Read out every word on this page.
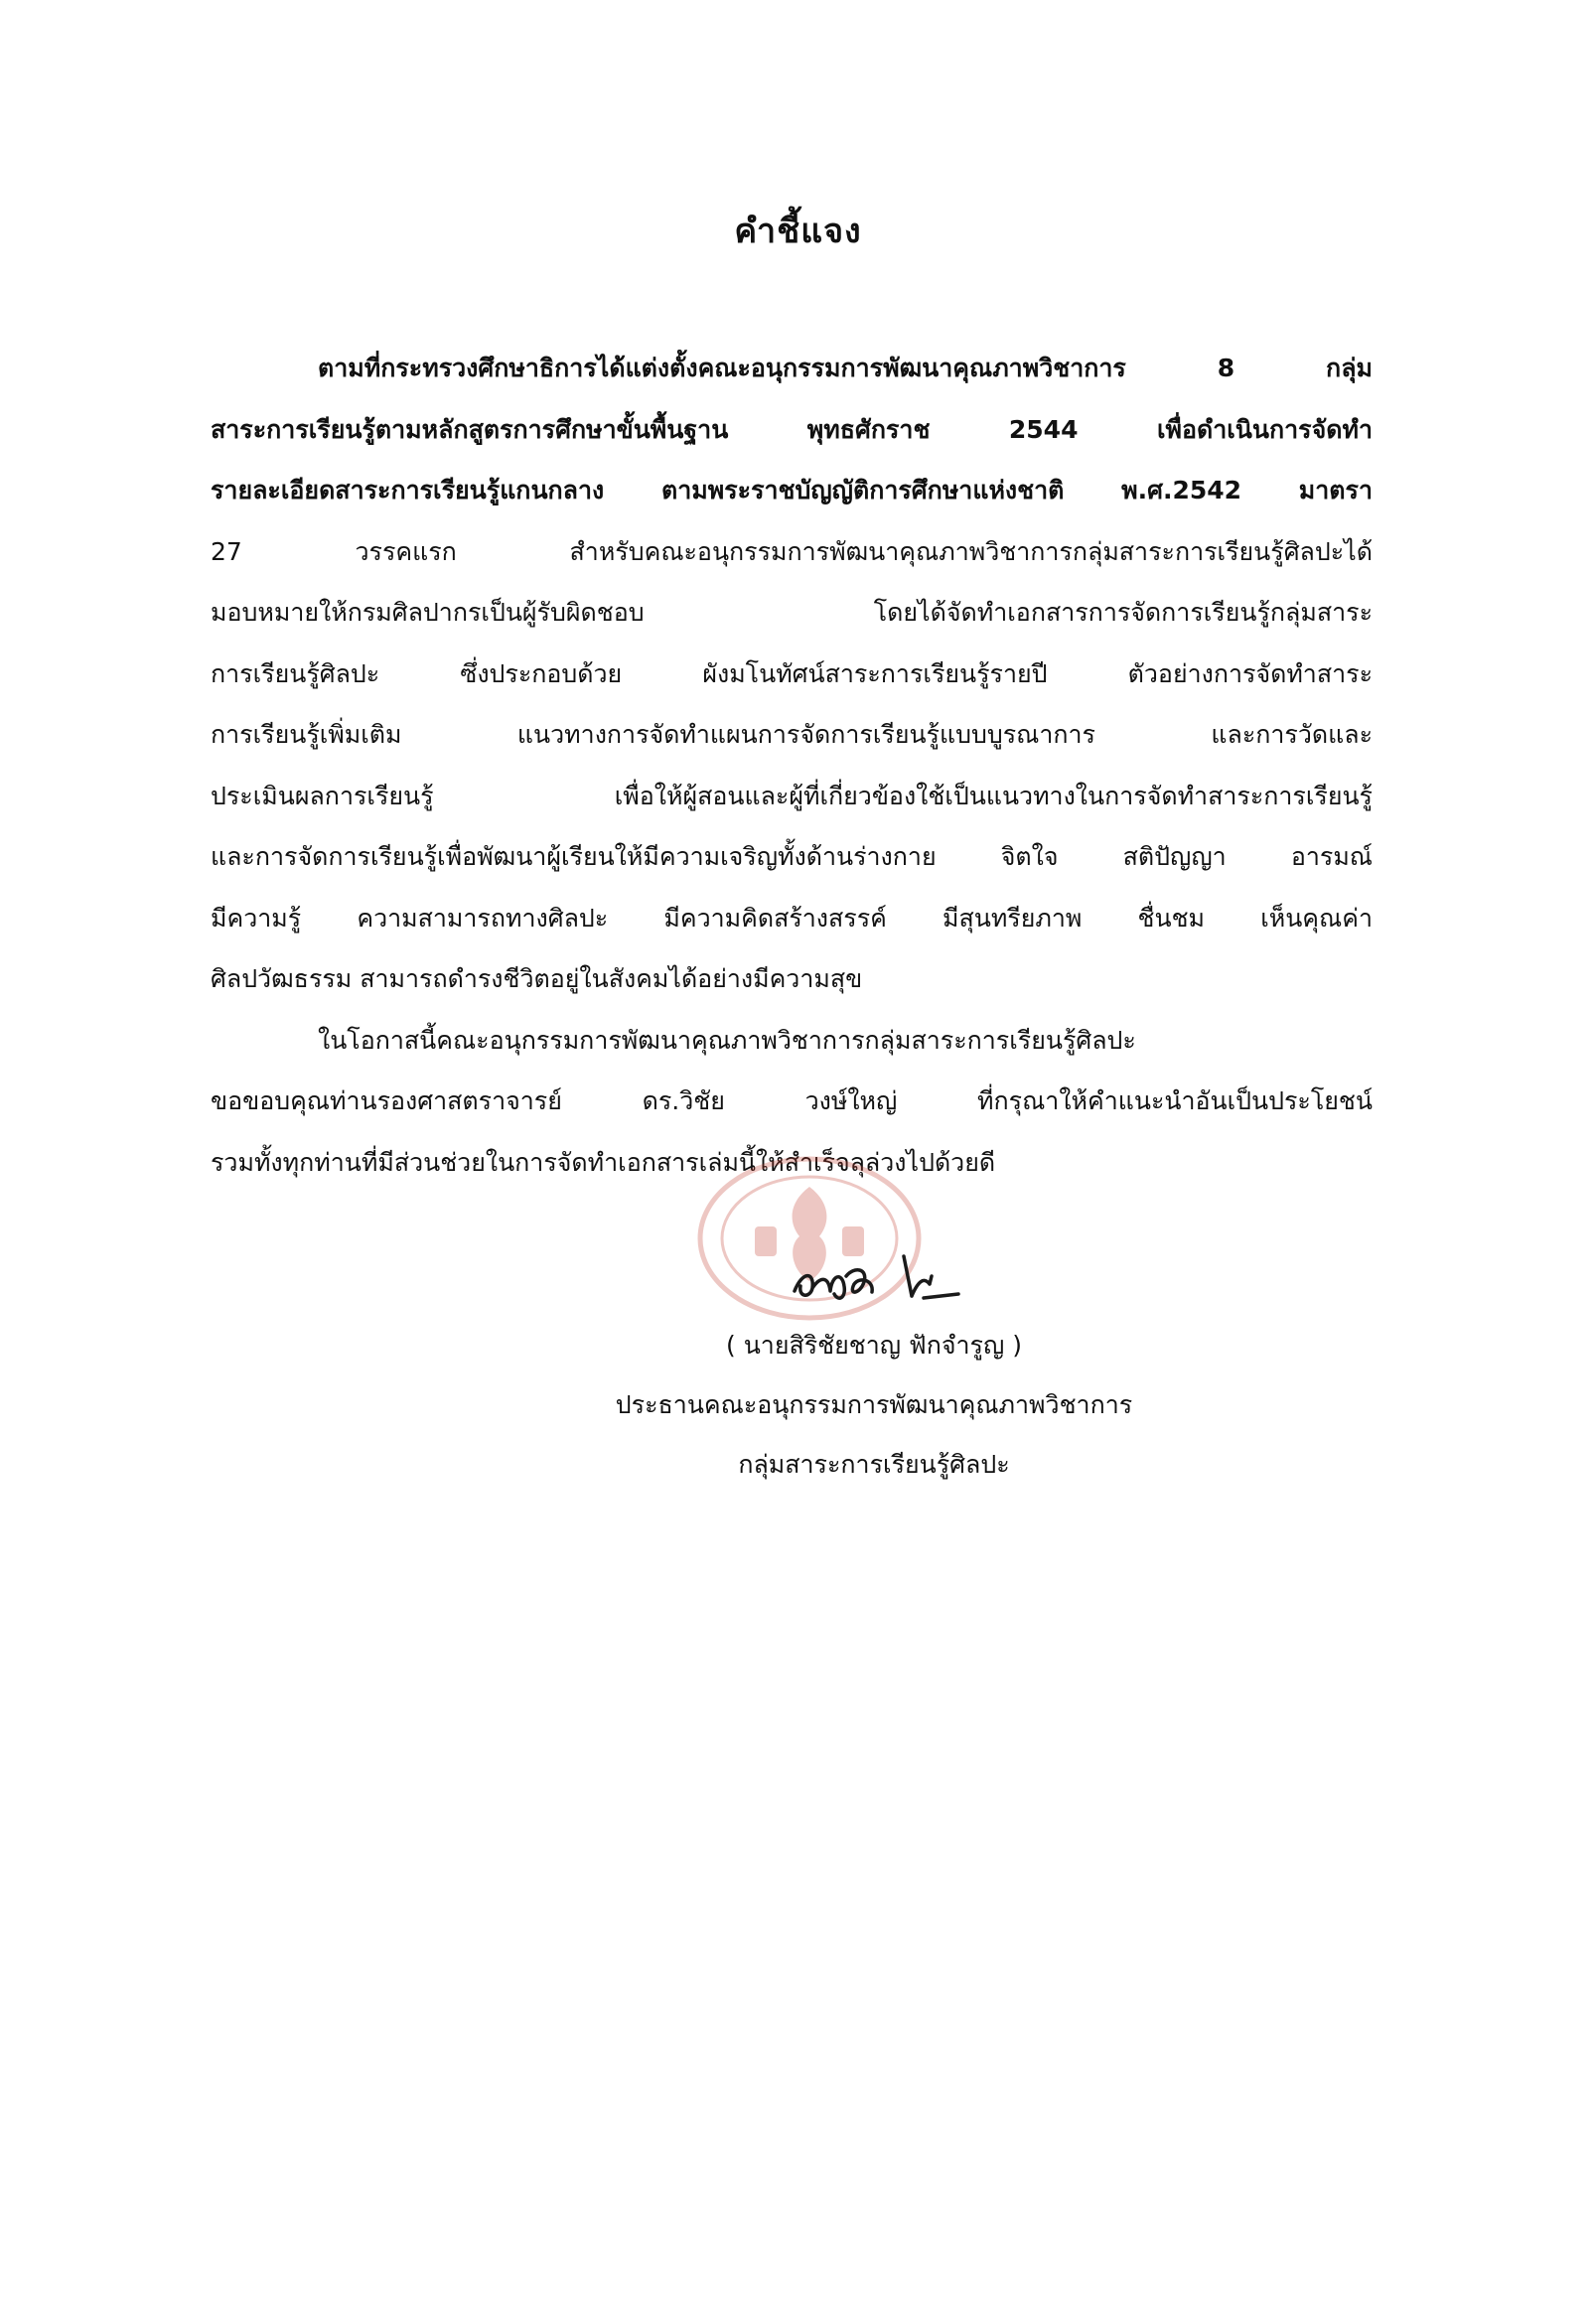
คำชี้แจง
ตามที่กระทรวงศึกษาธิการได้แต่งตั้งคณะอนุกรรมการพัฒนาคุณภาพวิชาการ 8 กลุ่ม
สาระการเรียนรู้ตามหลักสูตรการศึกษาขั้นพื้นฐาน พุทธศักราช 2544 เพื่อดำเนินการจัดทำ
รายละเอียดสาระการเรียนรู้แกนกลาง ตามพระราชบัญญัติการศึกษาแห่งชาติ พ.ศ.2542 มาตรา
27 วรรคแรก สำหรับคณะอนุกรรมการพัฒนาคุณภาพวิชาการกลุ่มสาระการเรียนรู้ศิลปะได้
มอบหมายให้กรมศิลปากรเป็นผู้รับผิดชอบ โดยได้จัดทำเอกสารการจัดการเรียนรู้กลุ่มสาระ
การเรียนรู้ศิลปะ ซึ่งประกอบด้วย ผังมโนทัศน์สาระการเรียนรู้รายปี ตัวอย่างการจัดทำสาระ
การเรียนรู้เพิ่มเติม แนวทางการจัดทำแผนการจัดการเรียนรู้แบบบูรณาการ และการวัดและ
ประเมินผลการเรียนรู้ เพื่อให้ผู้สอนและผู้ที่เกี่ยวข้องใช้เป็นแนวทางในการจัดทำสาระการเรียนรู้
และการจัดการเรียนรู้เพื่อพัฒนาผู้เรียนให้มีความเจริญทั้งด้านร่างกาย จิตใจ สติปัญญา อารมณ์
มีความรู้ ความสามารถทางศิลปะ มีความคิดสร้างสรรค์ มีสุนทรียภาพ ชื่นชม เห็นคุณค่า
ศิลปวัฒธรรม สามารถดำรงชีวิตอยู่ในสังคมได้อย่างมีความสุข
ในโอกาสนี้คณะอนุกรรมการพัฒนาคุณภาพวิชาการกลุ่มสาระการเรียนรู้ศิลปะ
ขอขอบคุณท่านรองศาสตราจารย์ ดร.วิชัย วงษ์ใหญ่ ที่กรุณาให้คำแนะนำอันเป็นประโยชน์
รวมทั้งทุกท่านที่มีส่วนช่วยในการจัดทำเอกสารเล่มนี้ให้สำเร็จลุล่วงไปด้วยดี
( นายสิริชัยชาญ ฟักจำรูญ )
ประธานคณะอนุกรรมการพัฒนาคุณภาพวิชาการ
กลุ่มสาระการเรียนรู้ศิลปะ
